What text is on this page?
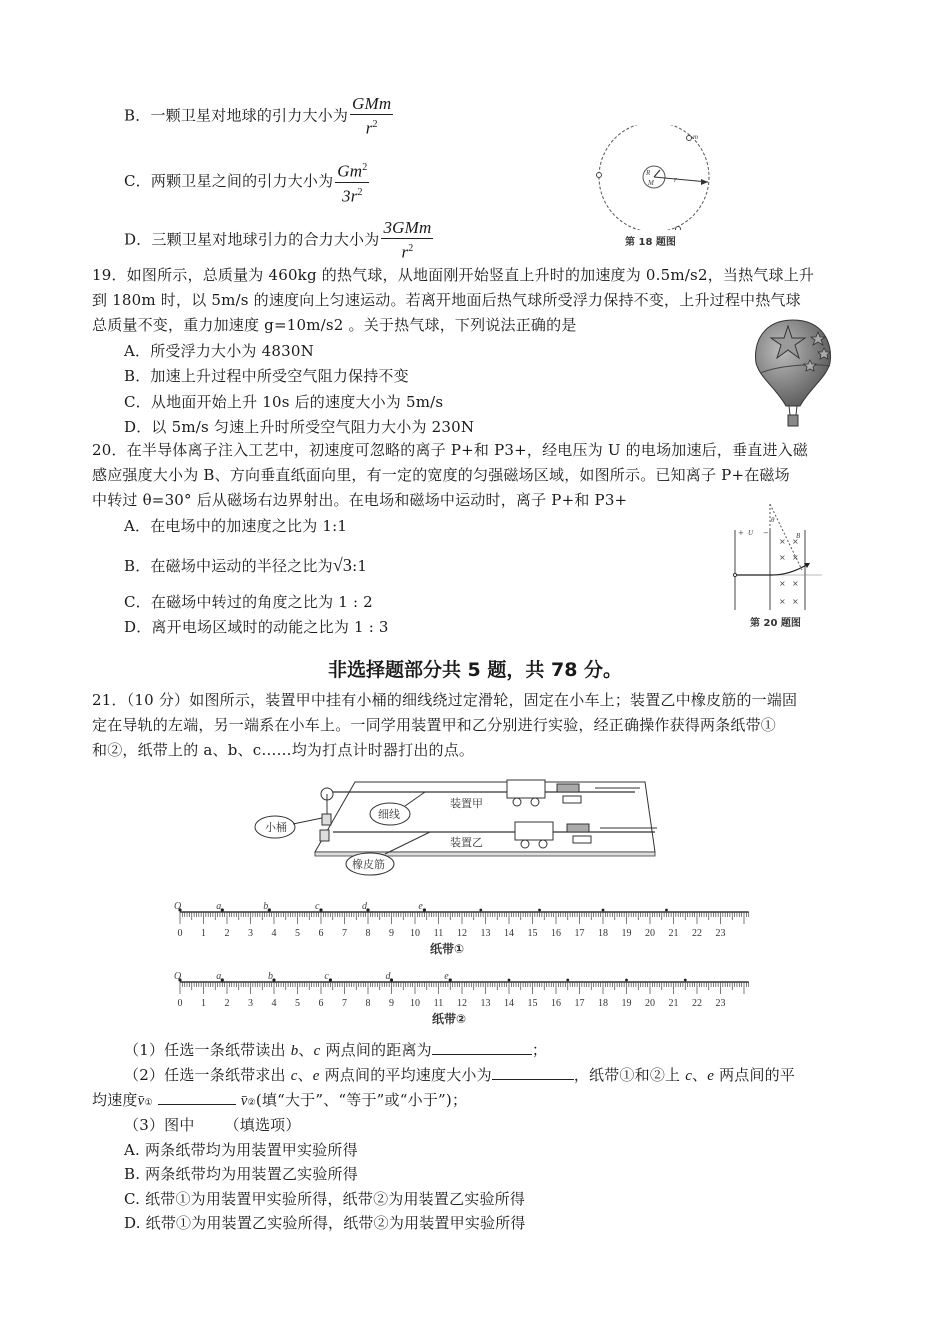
B．一颗卫星对地球的引力大小为 $\frac{\text{GMm}}{r^2}$
C．两颗卫星之间的引力大小为 $\frac{Gm^2}{3r^2}$
D．三颗卫星对地球引力的合力大小为 $\frac{\text{3GMm}}{r^2}$
R
M	r
m
第 18 题图
19．如图所示，总质量为 460kg 的热气球，从地面刚开始竖直上升时的加速度为 0.5m/s2，当热气球上升
到 180m 时，以 5m/s 的速度向上匀速运动。若离开地面后热气球所受浮力保持不变，上升过程中热气球
总质量不变，重力加速度 g=10m/s2 。关于热气球，下列说法正确的是
A．所受浮力大小为 4830N
B．加速上升过程中所受空气阻力保持不变
C．从地面开始上升 10s 后的速度大小为 5m/s
D．以 5m/s 匀速上升时所受空气阻力大小为 230N
20．在半导体离子注入工艺中，初速度可忽略的离子 P+和 P3+，经电压为 U 的电场加速后，垂直进入磁
感应强度大小为 B、方向垂直纸面向里，有一定的宽度的匀强磁场区域，如图所示。已知离子 P+在磁场
中转过 θ=30° 后从磁场右边界射出。在电场和磁场中运动时，离子 P+和 P3+
A．在电场中的加速度之比为 1:1
B．在磁场中运动的半径之比为√3:1
C．在磁场中转过的角度之比为 1 : 2
D．离开电场区域时的动能之比为 1 : 3
+ U −	B
θ
× ×
× ×
× ×
× ×
第 20 题图
非选择题部分共 5 题，共 78 分。
21．（10 分）如图所示，装置甲中挂有小桶的细线绕过定滑轮，固定在小车上；装置乙中橡皮筋的一端固
定在导轨的左端，另一端系在小车上。一同学用装置甲和乙分别进行实验，经正确操作获得两条纸带①
和②，纸带上的 a、b、c……均为打点计时器打出的点。
小桶
细线
橡皮筋
装置甲
装置乙
0 1 2 3 4 5 6 7 8 9 10 11 12 13 14 15 16 17 18 19 20 21 22 23
O	a	b	c	d	e
纸带①
0 1 2 3 4 5 6 7 8 9 10 11 12 13 14 15 16 17 18 19 20 21 22 23
O	a	b	c	d	e
纸带②
（1）任选一条纸带读出 b、c 两点间的距离为	；
（2）任选一条纸带求出 c、e 两点间的平均速度大小为	，纸带①和②上 c、e 两点间的平
均速度v̄①	v̄②(填“大于”、“等于”或“小于”)；
（3）图中 （填选项）
A. 两条纸带均为用装置甲实验所得
B. 两条纸带均为用装置乙实验所得
C. 纸带①为用装置甲实验所得，纸带②为用装置乙实验所得
D. 纸带①为用装置乙实验所得，纸带②为用装置甲实验所得
